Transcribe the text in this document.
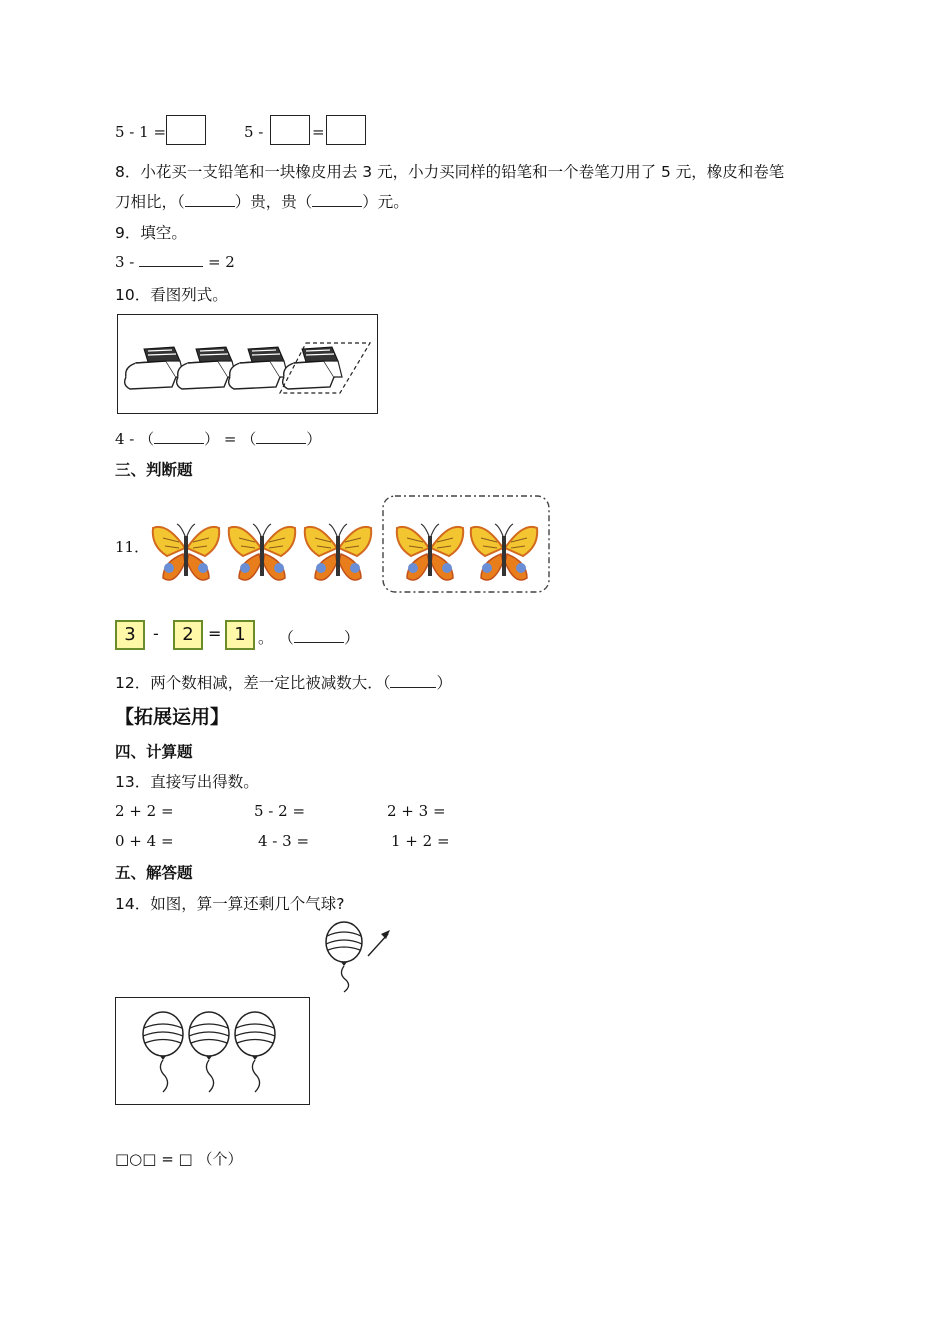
5 - 1 =	5 -	=
8．小花买一支铅笔和一块橡皮用去 3 元，小力买同样的铅笔和一个卷笔刀用了 5 元，橡皮和卷笔
刀相比，（	）贵，贵（	）元。
9．填空。
3 -	= 2
10．看图列式。
4 - （	） = （	）
三、判断题
11．
3	-	2 = 1 。 （	）
12．两个数相减，差一定比被减数大．（	）
【拓展运用】
四、计算题
13．直接写出得数。
2 + 2 =	5 - 2 =	2 + 3 =
0 + 4 =	4 - 3 =	1 + 2 =
五、解答题
14．如图，算一算还剩几个气球?
□○□ = □ （个）
